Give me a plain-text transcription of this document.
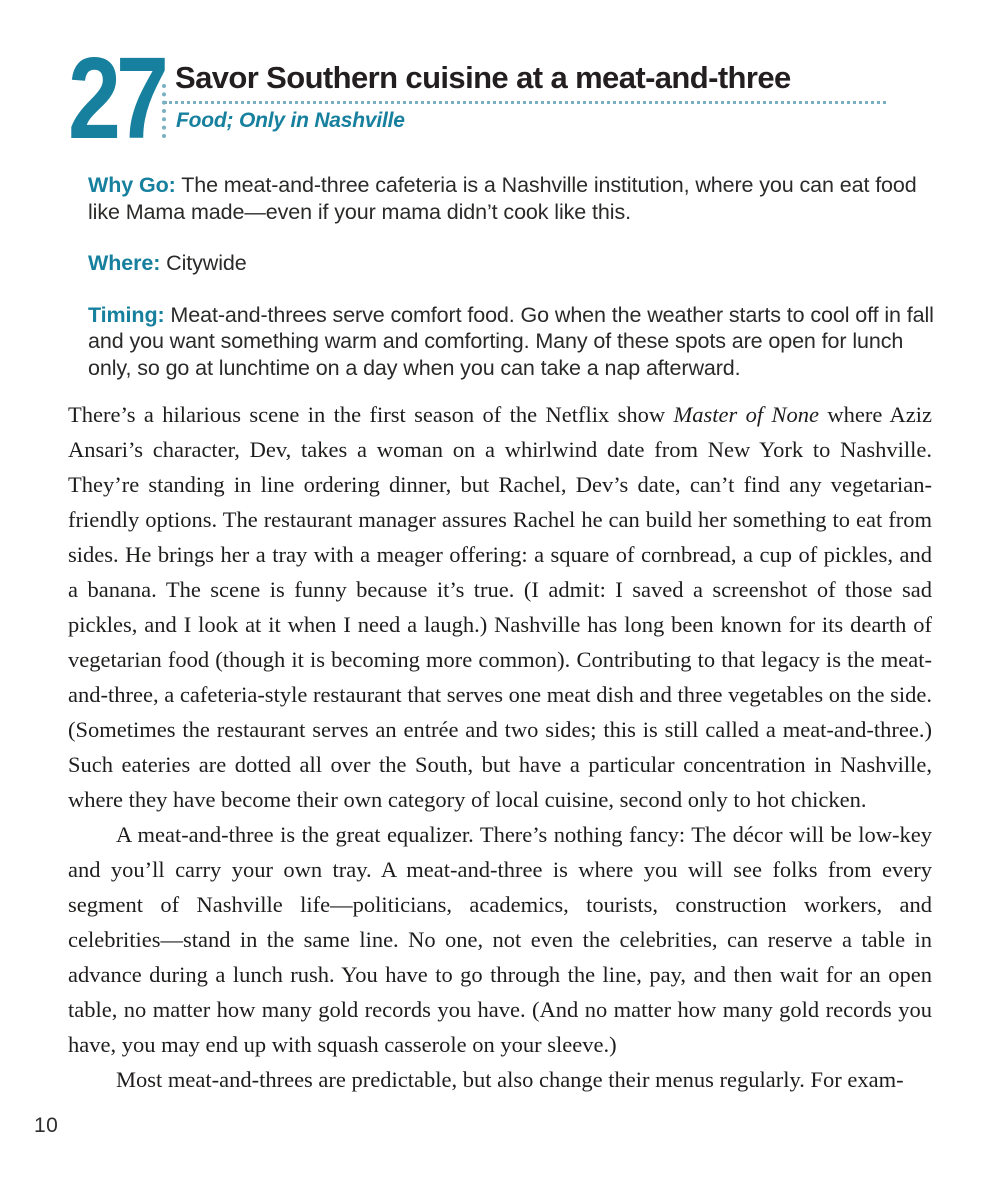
27 Savor Southern cuisine at a meat-and-three
Food; Only in Nashville

Why Go: The meat-and-three cafeteria is a Nashville institution, where you can eat food like Mama made—even if your mama didn’t cook like this.

Where: Citywide

Timing: Meat-and-threes serve comfort food. Go when the weather starts to cool off in fall and you want something warm and comforting. Many of these spots are open for lunch only, so go at lunchtime on a day when you can take a nap afterward.

There’s a hilarious scene in the first season of the Netflix show Master of None where Aziz Ansari’s character, Dev, takes a woman on a whirlwind date from New York to Nashville. They’re standing in line ordering dinner, but Rachel, Dev’s date, can’t find any vegetarian-friendly options. The restaurant manager assures Rachel he can build her something to eat from sides. He brings her a tray with a meager offering: a square of cornbread, a cup of pickles, and a banana. The scene is funny because it’s true. (I admit: I saved a screenshot of those sad pickles, and I look at it when I need a laugh.) Nashville has long been known for its dearth of vegetarian food (though it is becoming more common). Contributing to that legacy is the meat-and-three, a cafeteria-style restaurant that serves one meat dish and three vegetables on the side. (Sometimes the restaurant serves an entrée and two sides; this is still called a meat-and-three.) Such eateries are dotted all over the South, but have a particular concentration in Nashville, where they have become their own category of local cuisine, second only to hot chicken.

A meat-and-three is the great equalizer. There’s nothing fancy: The décor will be low-key and you’ll carry your own tray. A meat-and-three is where you will see folks from every segment of Nashville life—politicians, academics, tourists, construction workers, and celebrities—stand in the same line. No one, not even the celebrities, can reserve a table in advance during a lunch rush. You have to go through the line, pay, and then wait for an open table, no matter how many gold records you have. (And no matter how many gold records you have, you may end up with squash casserole on your sleeve.)

Most meat-and-threes are predictable, but also change their menus regularly. For exam-

10
